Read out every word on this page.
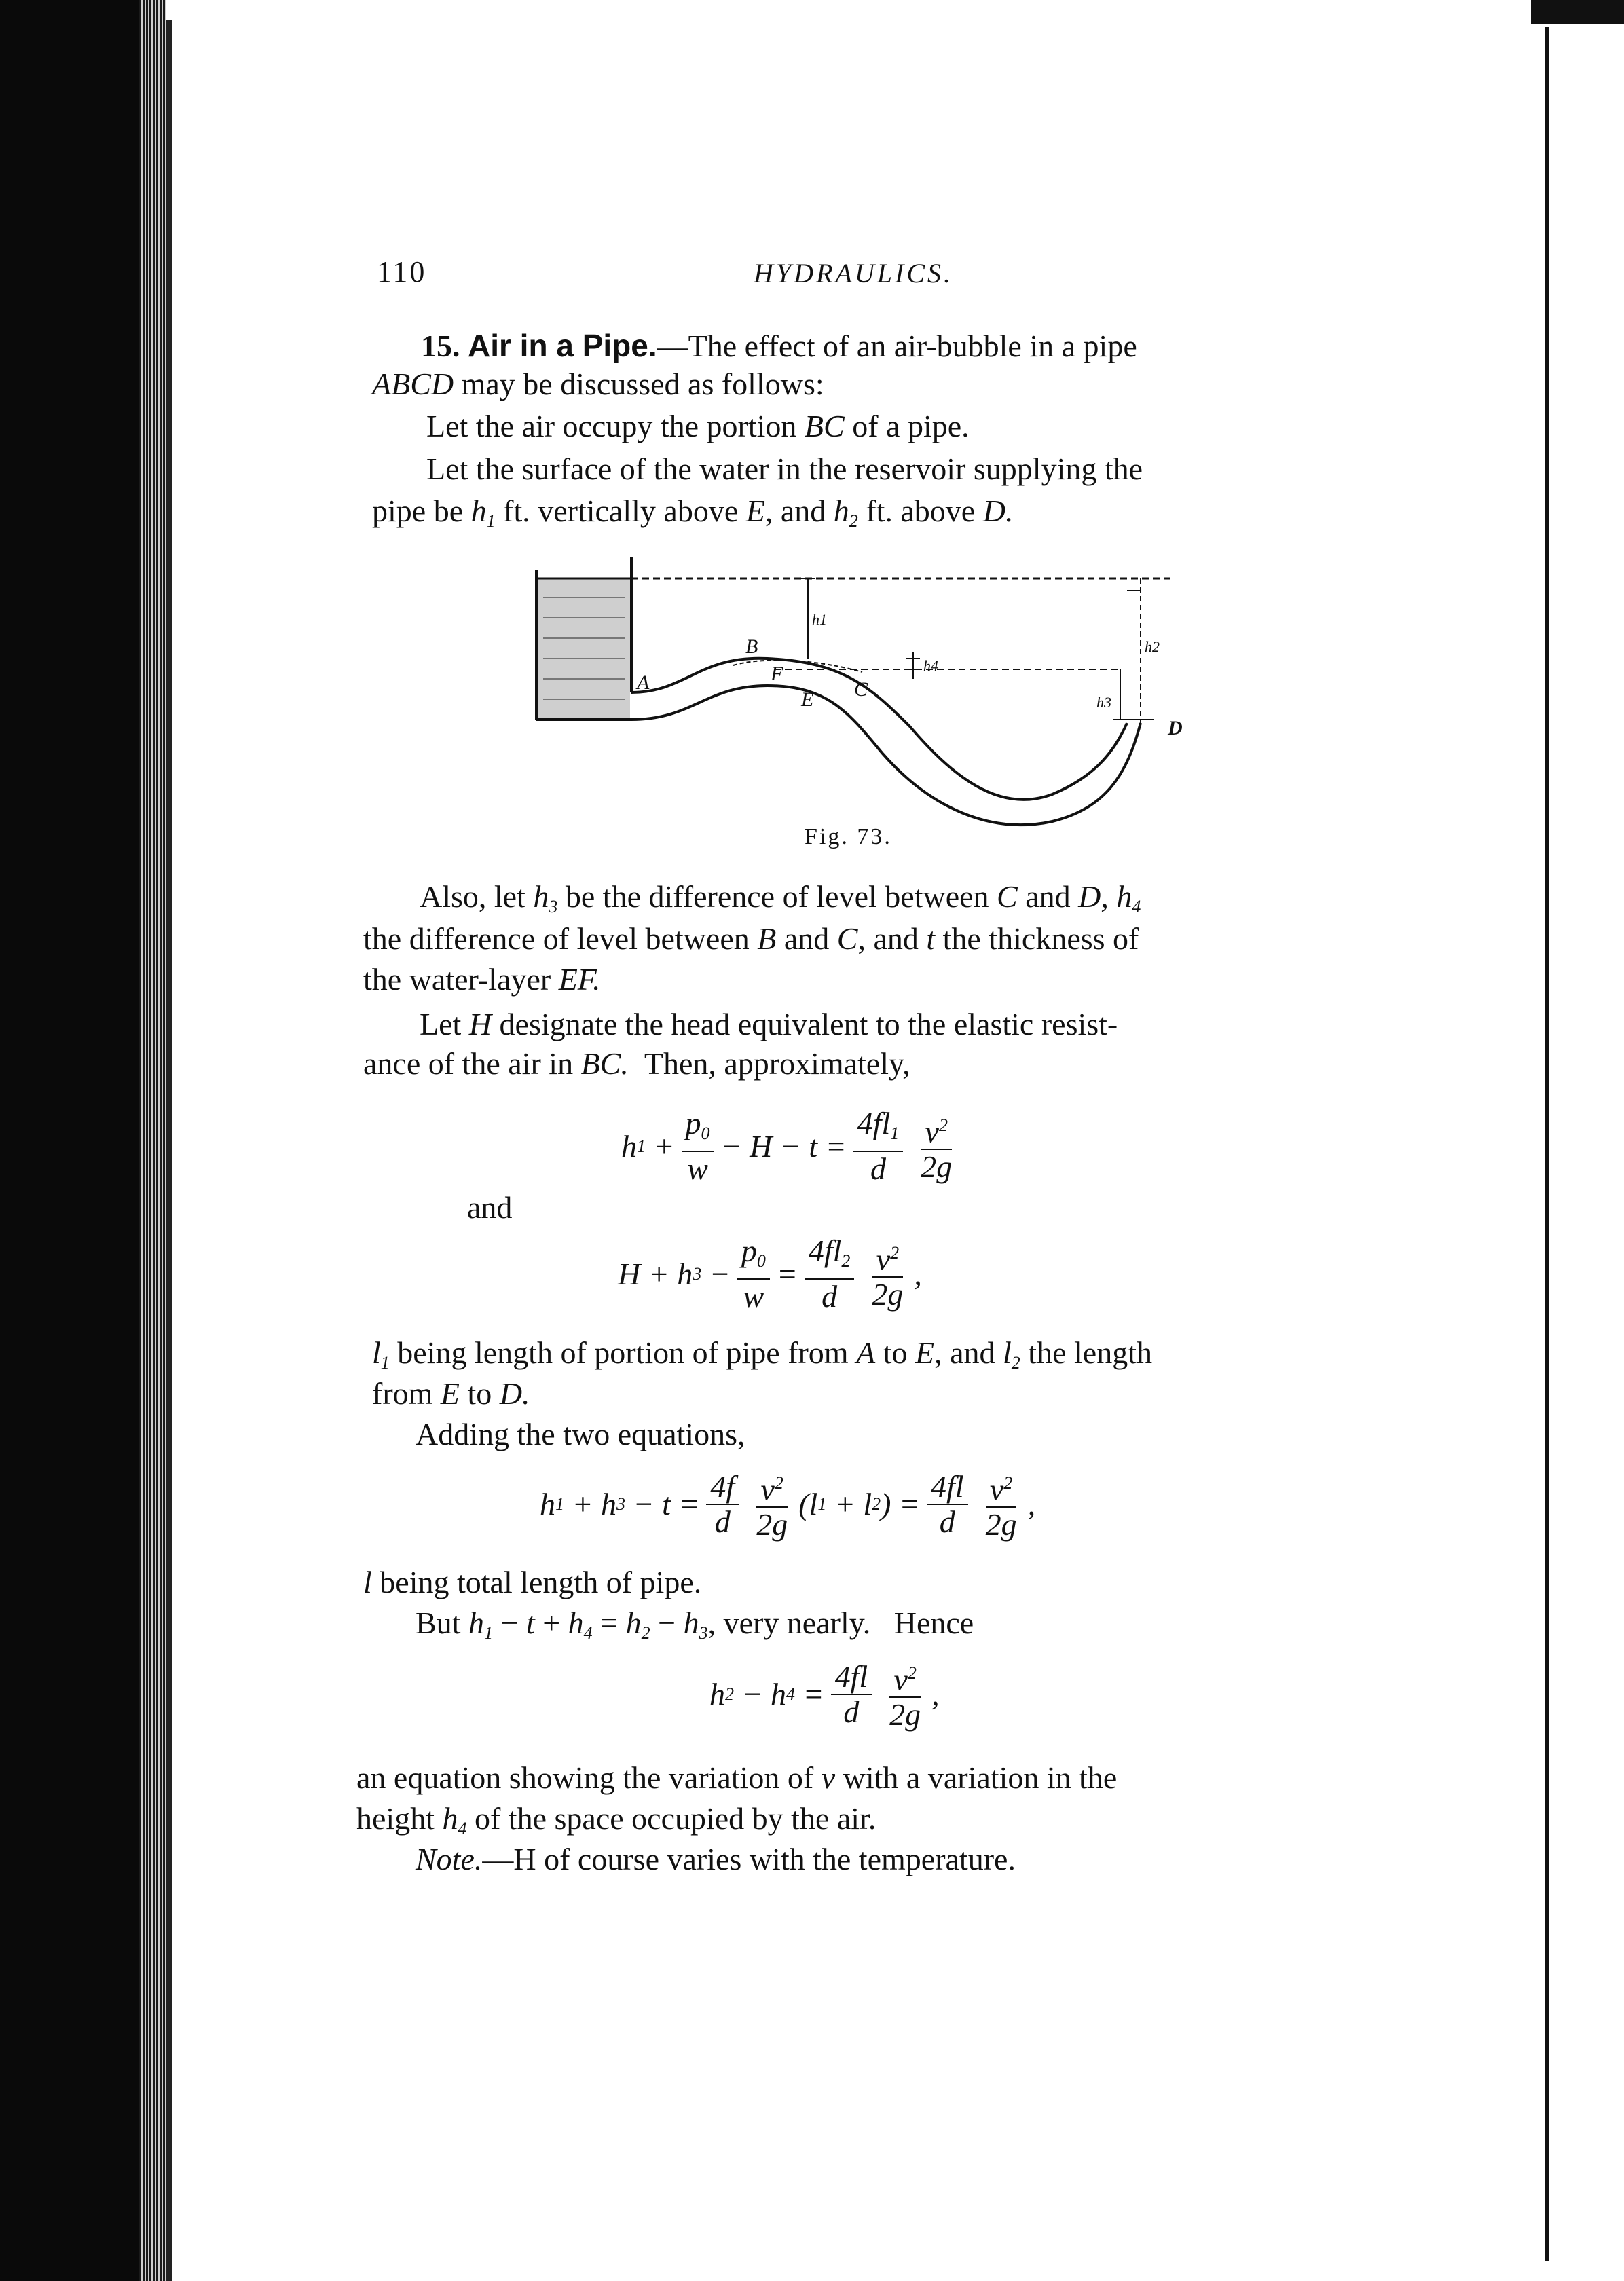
110	HYDRAULICS.
15. Air in a Pipe.—The effect of an air-bubble in a pipe
ABCD may be discussed as follows:
Let the air occupy the portion BC of a pipe.
Let the surface of the water in the reservoir supplying the
pipe be $h_1$ ft. vertically above E, and $h_2$ ft. above D.
A
B
F
E C
D
h1
h2
h3
h4
Fig. 73.
Also, let $h_3$ be the difference of level between C and D, $h_4$
the difference of level between B and C, and t the thickness of
the water-layer EF.
Let H designate the head equivalent to the elastic resist-
ance of the air in BC. Then, approximately,
h $1 + \frac{p_0}{w} - H - t = \frac{4fl_1}{d} \frac{v^2}{2g}$
and
H + h $3 - \frac{p_0}{w} = \frac{4fl_2}{d} \frac{v^2}{2g}$ ,
$l_1$ being length of portion of pipe from A to E, and $l_2$ the length
from E to D.
Adding the two equations,
h 1 + h $3 - t = \frac{4f}{d} \frac{v^2}{2g} (l$ 1 + l 2 ) = $\frac{4fl}{d} \frac{v^2}{2g}$ ,
l being total length of pipe.
But $h_1 - t + h_4 = h_2 - h_3$, very nearly. Hence
h 2 − h $4 = \frac{4fl}{d} \frac{v^2}{2g}$ ,
an equation showing the variation of v with a variation in the
height $h_4$ of the space occupied by the air.
Note.—H of course varies with the temperature.
